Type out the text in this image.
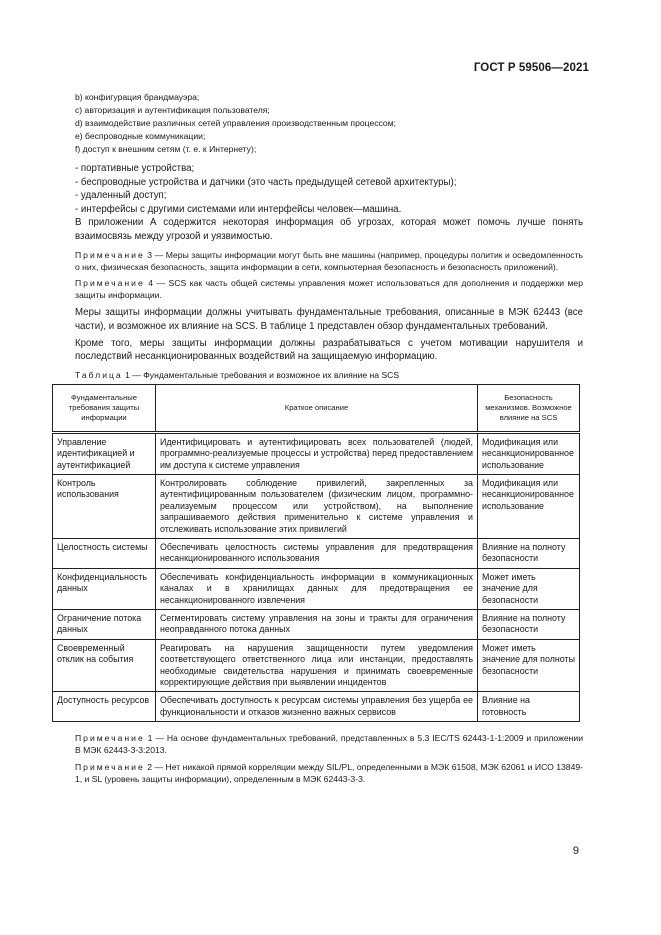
ГОСТ Р 59506—2021
b) конфигурация брандмауэра;
c) авторизация и аутентификация пользователя;
d) взаимодействие различных сетей управления производственным процессом;
e) беспроводные коммуникации;
f) доступ к внешним сетям (т. е. к Интернету);
- портативные устройства;
- беспроводные устройства и датчики (это часть предыдущей сетевой архитектуры);
- удаленный доступ;
- интерфейсы с другими системами или интерфейсы человек—машина.
В приложении А содержится некоторая информация об угрозах, которая может помочь лучше понять взаимосвязь между угрозой и уязвимостью.
Примечание 3 — Меры защиты информации могут быть вне машины (например, процедуры политик и осведомленность о них, физическая безопасность, защита информации в сети, компьютерная безопасность и безопасность приложений).
Примечание 4 — SCS как часть общей системы управления может использоваться для дополнения и поддержки мер защиты информации.
Меры защиты информации должны учитывать фундаментальные требования, описанные в МЭК 62443 (все части), и возможное их влияние на SCS. В таблице 1 представлен обзор фундаментальных требований.
Кроме того, меры защиты информации должны разрабатываться с учетом мотивации нарушителя и последствий несанкционированных воздействий на защищаемую информацию.
Таблица 1 — Фундаментальные требования и возможное их влияние на SCS
Фундаментальные требования защиты информации	Краткое описание	Безопасность механизмов. Возможное влияние на SCS
Управление идентификацией и аутентификацией	Идентифицировать и аутентифицировать всех пользователей (людей, программно-реализуемые процессы и устройства) перед предоставлением им доступа к системе управления	Модификация или несанкционированное использование
Контроль использования	Контролировать соблюдение привилегий, закрепленных за аутентифицированным пользователем (физическим лицом, программно-реализуемым процессом или устройством), на выполнение запрашиваемого действия применительно к системе управления и отслеживать использование этих привилегий	Модификация или несанкционированное использование
Целостность системы	Обеспечивать целостность системы управления для предотвращения несанкционированного использования	Влияние на полноту безопасности
Конфиденциальность данных	Обеспечивать конфиденциальность информации в коммуникационных каналах и в хранилищах данных для предотвращения ее несанкционированного извлечения	Может иметь значение для безопасности
Ограничение потока данных	Сегментировать систему управления на зоны и тракты для ограничения неоправданного потока данных	Влияние на полноту безопасности
Своевременный отклик на события	Реагировать на нарушения защищенности путем уведомления соответствующего ответственного лица или инстанции, предоставлять необходимые свидетельства нарушения и принимать своевременные корректирующие действия при выявлении инцидентов	Может иметь значение для полноты безопасности
Доступность ресурсов	Обеспечивать доступность к ресурсам системы управления без ущерба ее функциональности и отказов жизненно важных сервисов	Влияние на готовность
Примечание 1 — На основе фундаментальных требований, представленных в 5.3 IEC/TS 62443-1-1:2009 и приложении В МЭК 62443-3-3:2013.
Примечание 2 — Нет никакой прямой корреляции между SIL/PL, определенными в МЭК 61508, МЭК 62061 и ИСО 13849-1, и SL (уровень защиты информации), определенным в МЭК 62443-3-3.
9
